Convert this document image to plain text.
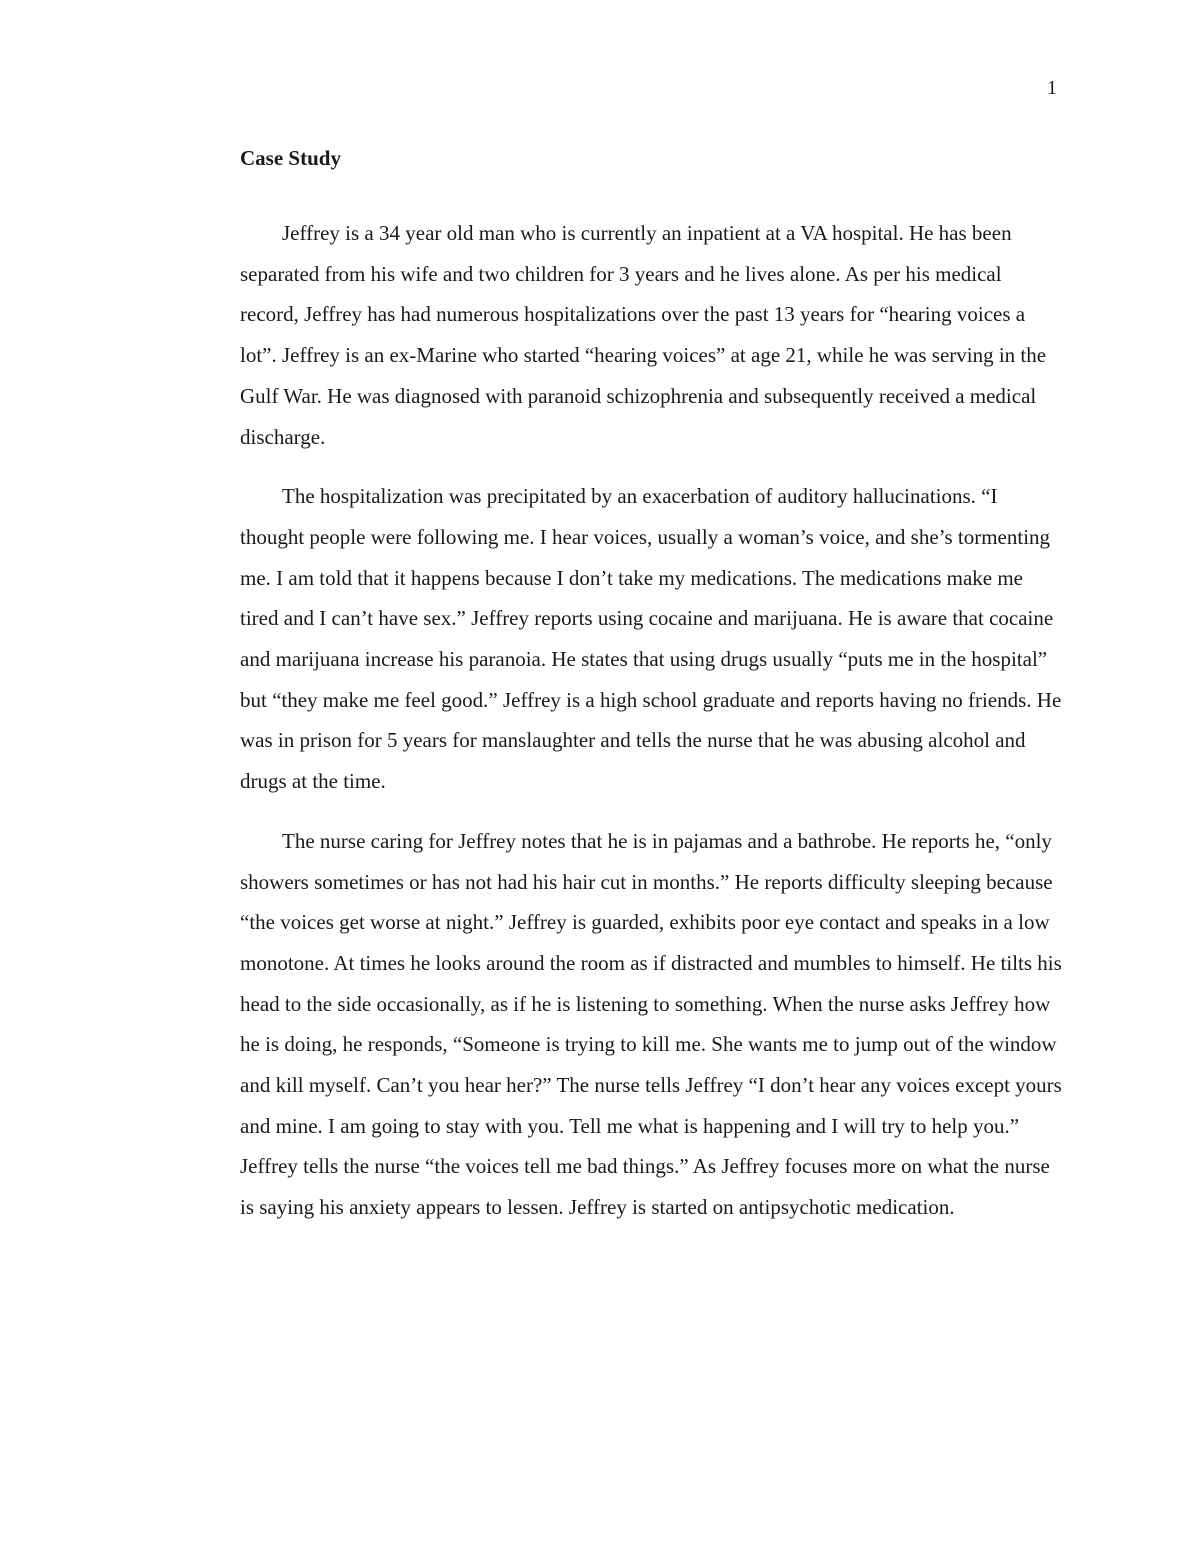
1
Case Study

Jeffrey is a 34 year old man who is currently an inpatient at a VA hospital. He has been separated from his wife and two children for 3 years and he lives alone. As per his medical record, Jeffrey has had numerous hospitalizations over the past 13 years for “hearing voices a lot”. Jeffrey is an ex-Marine who started “hearing voices” at age 21, while he was serving in the Gulf War. He was diagnosed with paranoid schizophrenia and subsequently received a medical discharge.

The hospitalization was precipitated by an exacerbation of auditory hallucinations. “I thought people were following me. I hear voices, usually a woman’s voice, and she’s tormenting me. I am told that it happens because I don’t take my medications. The medications make me tired and I can’t have sex.” Jeffrey reports using cocaine and marijuana. He is aware that cocaine and marijuana increase his paranoia. He states that using drugs usually “puts me in the hospital” but “they make me feel good.” Jeffrey is a high school graduate and reports having no friends. He was in prison for 5 years for manslaughter and tells the nurse that he was abusing alcohol and drugs at the time.

The nurse caring for Jeffrey notes that he is in pajamas and a bathrobe. He reports he, “only showers sometimes or has not had his hair cut in months.” He reports difficulty sleeping because “the voices get worse at night.” Jeffrey is guarded, exhibits poor eye contact and speaks in a low monotone. At times he looks around the room as if distracted and mumbles to himself. He tilts his head to the side occasionally, as if he is listening to something. When the nurse asks Jeffrey how he is doing, he responds, “Someone is trying to kill me. She wants me to jump out of the window and kill myself. Can’t you hear her?” The nurse tells Jeffrey “I don’t hear any voices except yours and mine. I am going to stay with you. Tell me what is happening and I will try to help you.” Jeffrey tells the nurse “the voices tell me bad things.” As Jeffrey focuses more on what the nurse is saying his anxiety appears to lessen. Jeffrey is started on antipsychotic medication.
